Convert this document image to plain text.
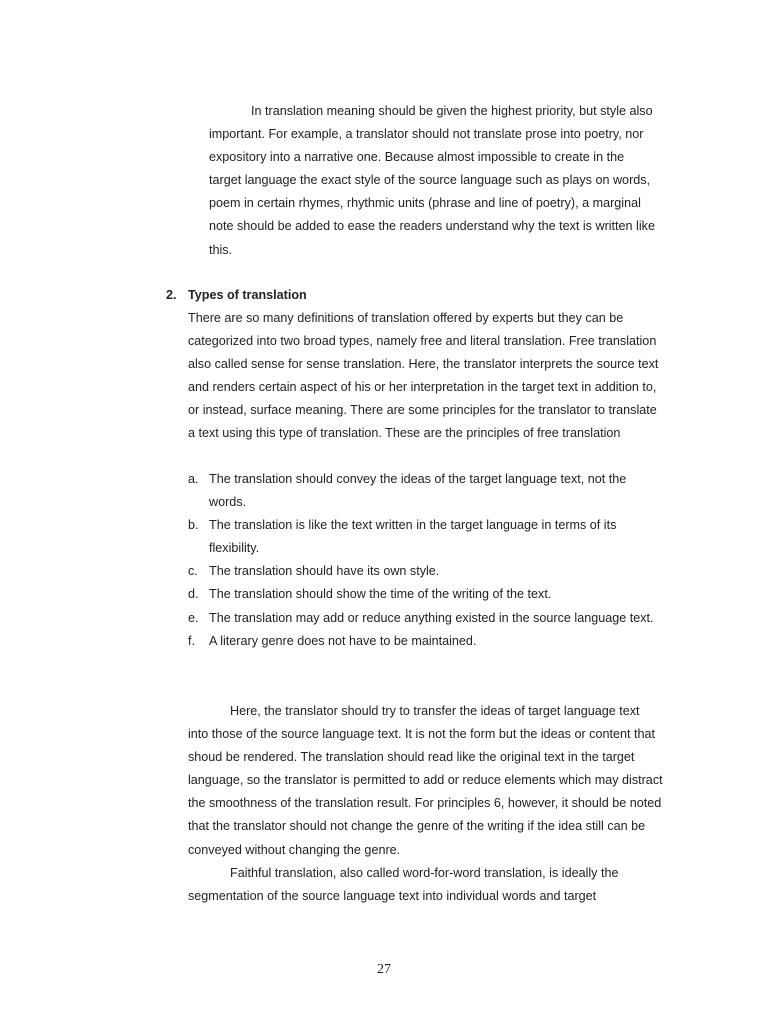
In translation meaning should be given the highest priority, but style also important. For example, a translator should not translate prose into poetry, nor expository into a narrative one. Because almost impossible to create in the target language the exact style of the source language such as plays on words, poem in certain rhymes, rhythmic units (phrase and line of poetry), a marginal note should be added to ease the readers understand why the text is written like this.
2. Types of translation
There are so many definitions of translation offered by experts but they can be categorized into two broad types, namely free and literal translation. Free translation also called sense for sense translation. Here, the translator interprets the source text and renders certain aspect of his or her interpretation in the target text in addition to, or instead, surface meaning. There are some principles for the translator to translate a text using this type of translation. These are the principles of free translation
a. The translation should convey the ideas of the target language text, not the words.
b. The translation is like the text written in the target language in terms of its flexibility.
c. The translation should have its own style.
d. The translation should show the time of the writing of the text.
e. The translation may add or reduce anything existed in the source language text.
f. A literary genre does not have to be maintained.
Here, the translator should try to transfer the ideas of target language text into those of the source language text. It is not the form but the ideas or content that shoud be rendered. The translation should read like the original text in the target language, so the translator is permitted to add or reduce elements which may distract the smoothness of the translation result. For principles 6, however, it should be noted that the translator should not change the genre of the writing if the idea still can be conveyed without changing the genre.
Faithful translation, also called word-for-word translation, is ideally the segmentation of the source language text into individual words and target
27
